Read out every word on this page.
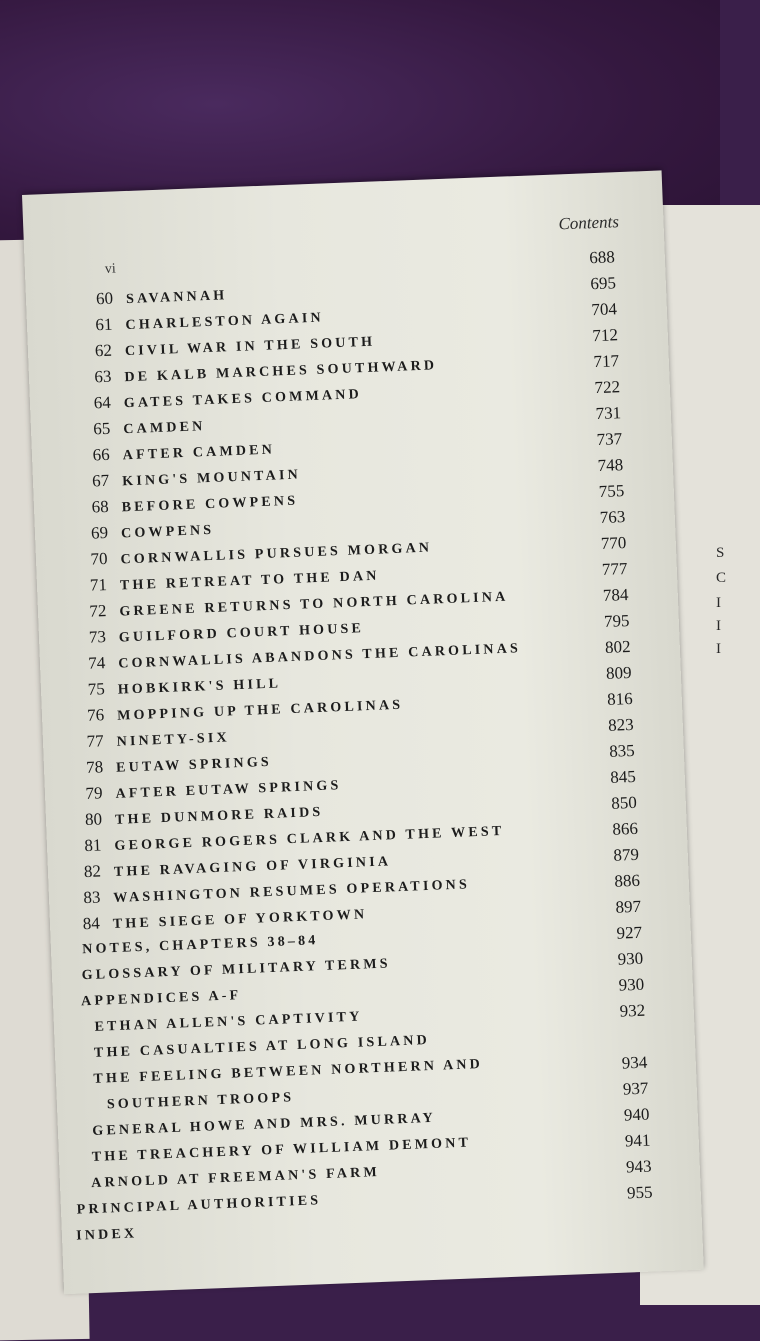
S
C
I
I
I
Contents
vi
60 SAVANNAH
688
61 CHARLESTON AGAIN
695
62 CIVIL WAR IN THE SOUTH
704
63 DE KALB MARCHES SOUTHWARD
712
64 GATES TAKES COMMAND
717
65 CAMDEN
722
66 AFTER CAMDEN
731
67 KING'S MOUNTAIN
737
68 BEFORE COWPENS
748
69 COWPENS
755
70 CORNWALLIS PURSUES MORGAN
763
71 THE RETREAT TO THE DAN
770
72 GREENE RETURNS TO NORTH CAROLINA
777
73 GUILFORD COURT HOUSE
784
74 CORNWALLIS ABANDONS THE CAROLINAS
795
75 HOBKIRK'S HILL
802
76 MOPPING UP THE CAROLINAS
809
77 NINETY-SIX
816
78 EUTAW SPRINGS
823
79 AFTER EUTAW SPRINGS
835
80 THE DUNMORE RAIDS
845
81 GEORGE ROGERS CLARK AND THE WEST
850
82 THE RAVAGING OF VIRGINIA
866
83 WASHINGTON RESUMES OPERATIONS
879
84 THE SIEGE OF YORKTOWN
886
NOTES, CHAPTERS 38–84
897
GLOSSARY OF MILITARY TERMS
927
APPENDICES A-F
930
ETHAN ALLEN'S CAPTIVITY
930
THE CASUALTIES AT LONG ISLAND
932
THE FEELING BETWEEN NORTHERN AND
SOUTHERN TROOPS
934
GENERAL HOWE AND MRS. MURRAY
937
THE TREACHERY OF WILLIAM DEMONT
940
ARNOLD AT FREEMAN'S FARM
941
PRINCIPAL AUTHORITIES
943
INDEX
955
